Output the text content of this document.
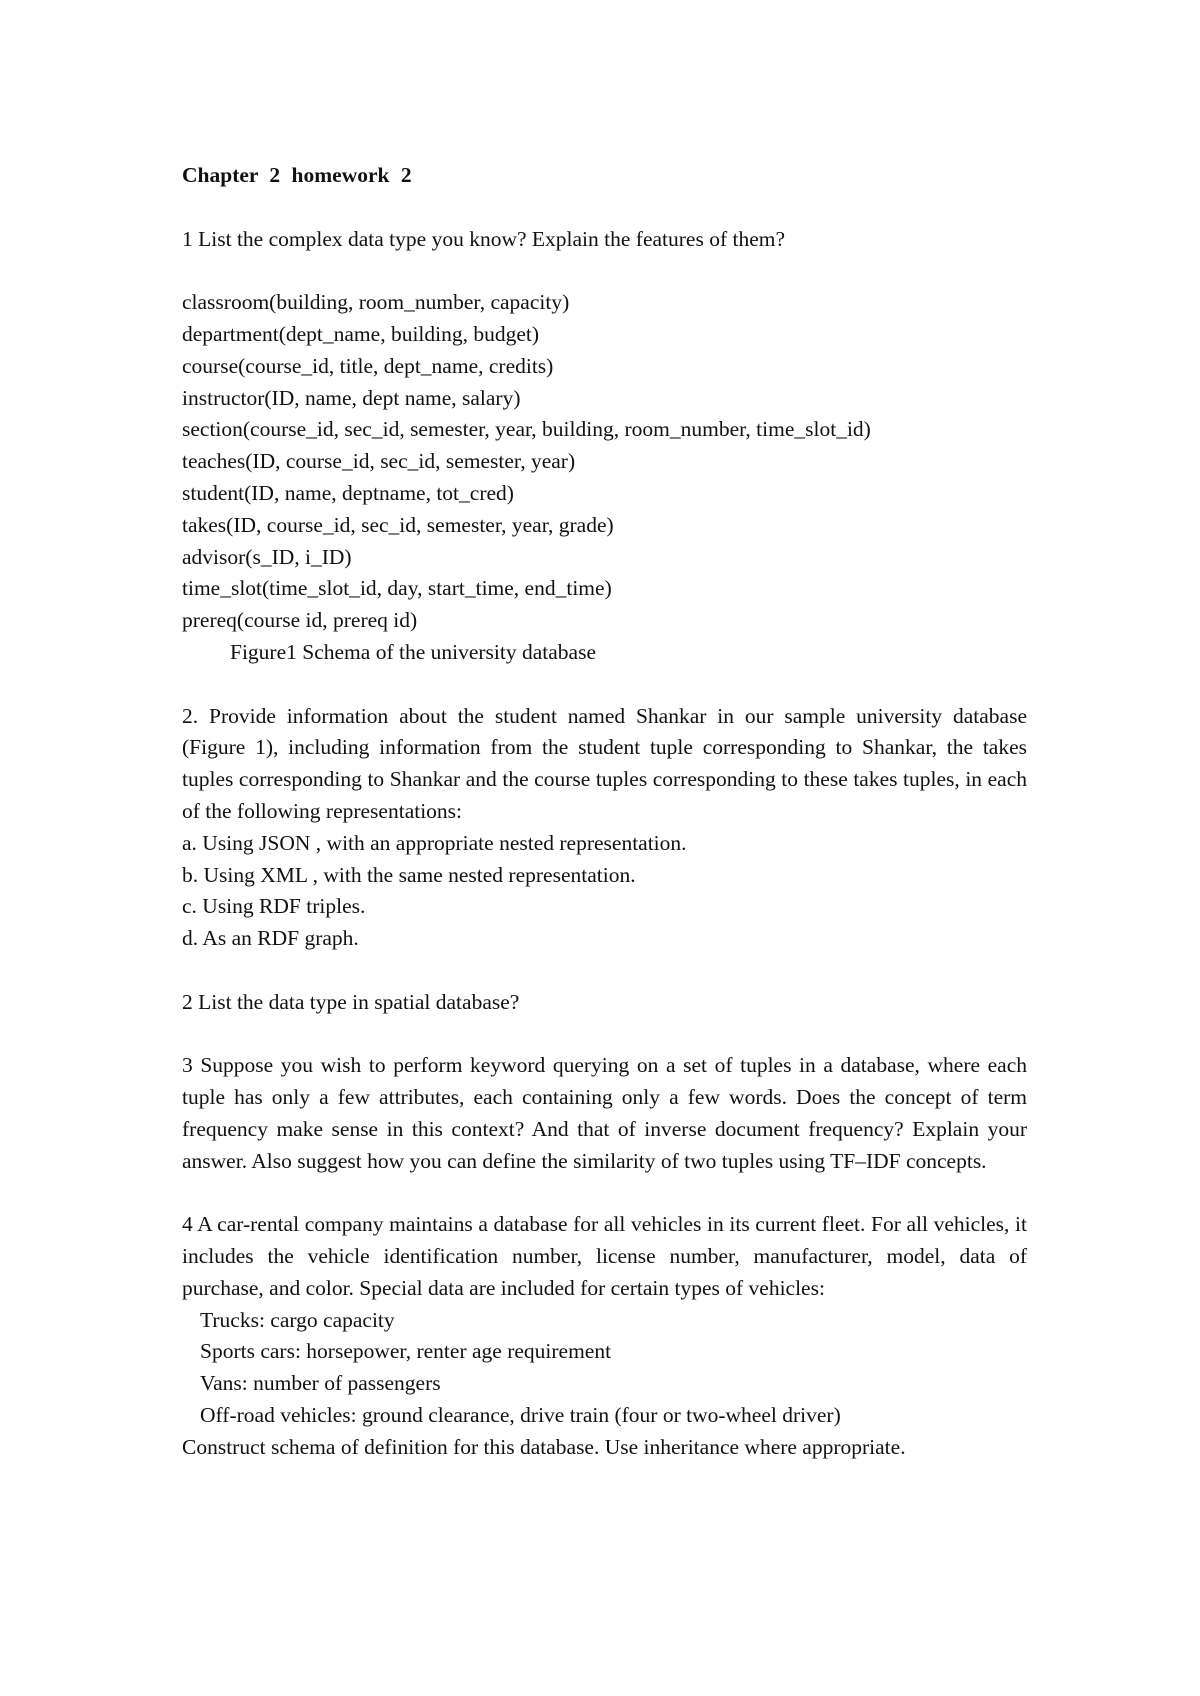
Chapter 2 homework 2

1 List the complex data type you know? Explain the features of them?

classroom(building, room_number, capacity)

department(dept_name, building, budget)

course(course_id, title, dept_name, credits)

instructor(ID, name, dept name, salary)

section(course_id, sec_id, semester, year, building, room_number, time_slot_id)

teaches(ID, course_id, sec_id, semester, year)

student(ID, name, deptname, tot_cred)

takes(ID, course_id, sec_id, semester, year, grade)

advisor(s_ID, i_ID)

time_slot(time_slot_id, day, start_time, end_time)

prereq(course id, prereq id)

Figure1 Schema of the university database

2. Provide information about the student named Shankar in our sample university database (Figure 1), including information from the student tuple corresponding to Shankar, the takes tuples corresponding to Shankar and the course tuples corresponding to these takes tuples, in each of the following representations:

a. Using JSON , with an appropriate nested representation.

b. Using XML , with the same nested representation.

c. Using RDF triples.

d. As an RDF graph.

2 List the data type in spatial database?

3 Suppose you wish to perform keyword querying on a set of tuples in a database, where each tuple has only a few attributes, each containing only a few words. Does the concept of term frequency make sense in this context? And that of inverse document frequency? Explain your answer. Also suggest how you can define the similarity of two tuples using TF–IDF concepts.

4 A car-rental company maintains a database for all vehicles in its current fleet. For all vehicles, it includes the vehicle identification number, license number, manufacturer, model, data of purchase, and color. Special data are included for certain types of vehicles:

Trucks: cargo capacity

Sports cars: horsepower, renter age requirement

Vans: number of passengers

Off-road vehicles: ground clearance, drive train (four or two-wheel driver)

Construct schema of definition for this database. Use inheritance where appropriate.
